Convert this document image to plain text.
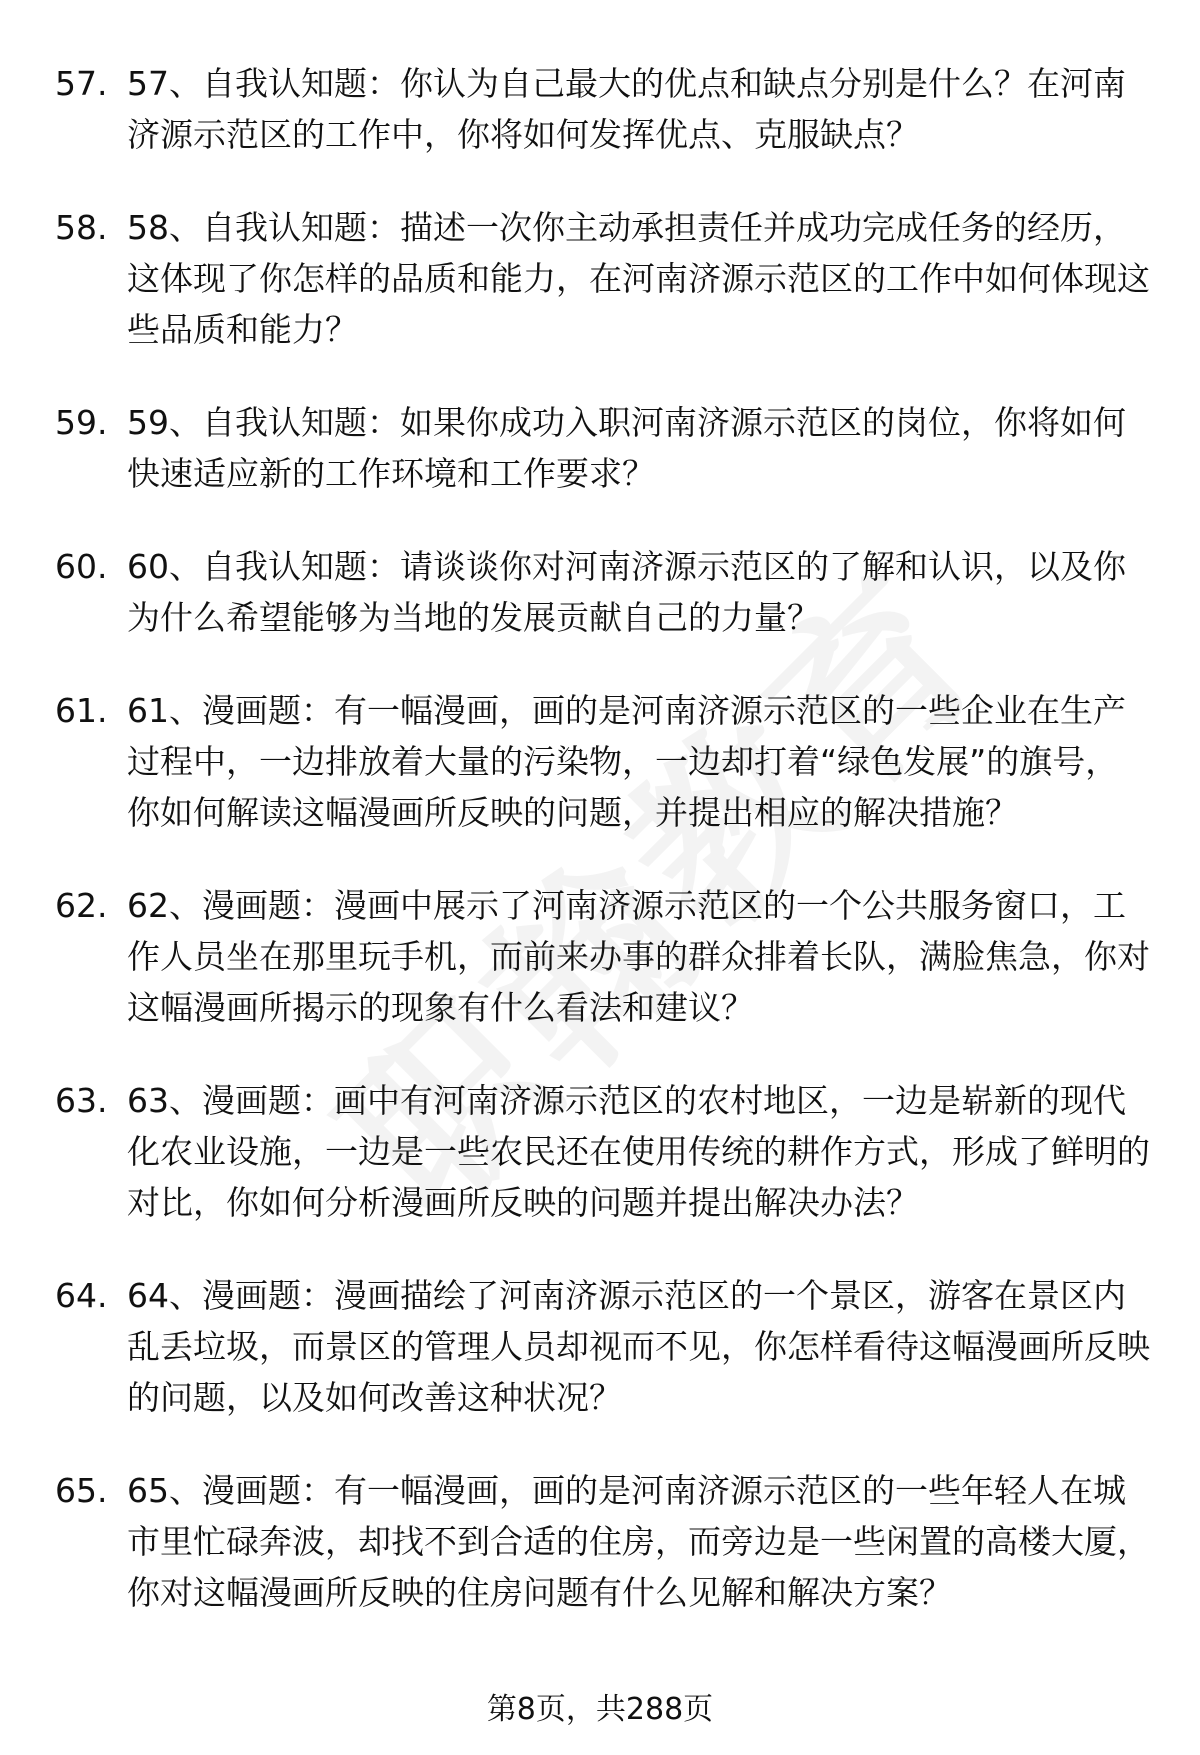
57. 57、自我认知题：你认为自己最大的优点和缺点分别是什么？在河南济源示范区的工作中，你将如何发挥优点、克服缺点？
58. 58、自我认知题：描述一次你主动承担责任并成功完成任务的经历，这体现了你怎样的品质和能力，在河南济源示范区的工作中如何体现这些品质和能力？
59. 59、自我认知题：如果你成功入职河南济源示范区的岗位，你将如何快速适应新的工作环境和工作要求？
60. 60、自我认知题：请谈谈你对河南济源示范区的了解和认识，以及你为什么希望能够为当地的发展贡献自己的力量？
61. 61、漫画题：有一幅漫画，画的是河南济源示范区的一些企业在生产过程中，一边排放着大量的污染物，一边却打着“绿色发展”的旗号，你如何解读这幅漫画所反映的问题，并提出相应的解决措施？
62. 62、漫画题：漫画中展示了河南济源示范区的一个公共服务窗口，工作人员坐在那里玩手机，而前来办事的群众排着长队，满脸焦急，你对这幅漫画所揭示的现象有什么看法和建议？
63. 63、漫画题：画中有河南济源示范区的农村地区，一边是崭新的现代化农业设施，一边是一些农民还在使用传统的耕作方式，形成了鲜明的对比，你如何分析漫画所反映的问题并提出解决办法？
64. 64、漫画题：漫画描绘了河南济源示范区的一个景区，游客在景区内乱丢垃圾，而景区的管理人员却视而不见，你怎样看待这幅漫画所反映的问题，以及如何改善这种状况？
65. 65、漫画题：有一幅漫画，画的是河南济源示范区的一些年轻人在城市里忙碌奔波，却找不到合适的住房，而旁边是一些闲置的高楼大厦，你对这幅漫画所反映的住房问题有什么见解和解决方案？
第8页，共288页
